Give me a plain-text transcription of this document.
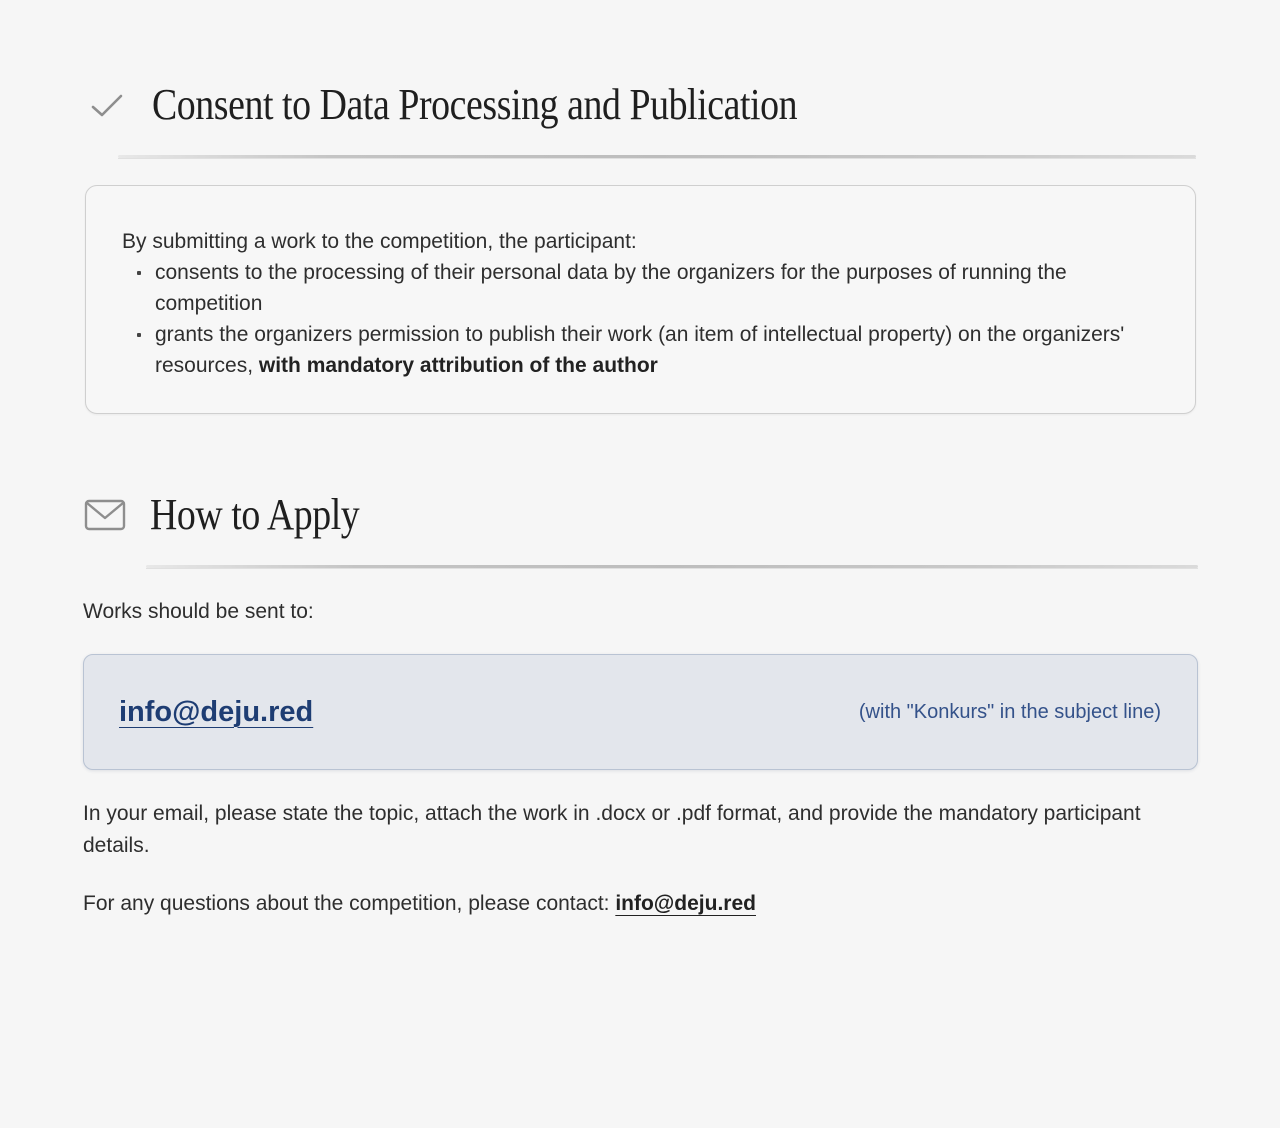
Consent to Data Processing and Publication

By submitting a work to the competition, the participant:

consents to the processing of their personal data by the organizers for the purposes of running the competition
grants the organizers permission to publish their work (an item of intellectual property) on the organizers' resources, with mandatory attribution of the author
How to Apply

Works should be sent to:

info@deju.red	(with "Konkurs" in the subject line)

In your email, please state the topic, attach the work in .docx or .pdf format, and provide the mandatory participant details.

For any questions about the competition, please contact: info@deju.red
